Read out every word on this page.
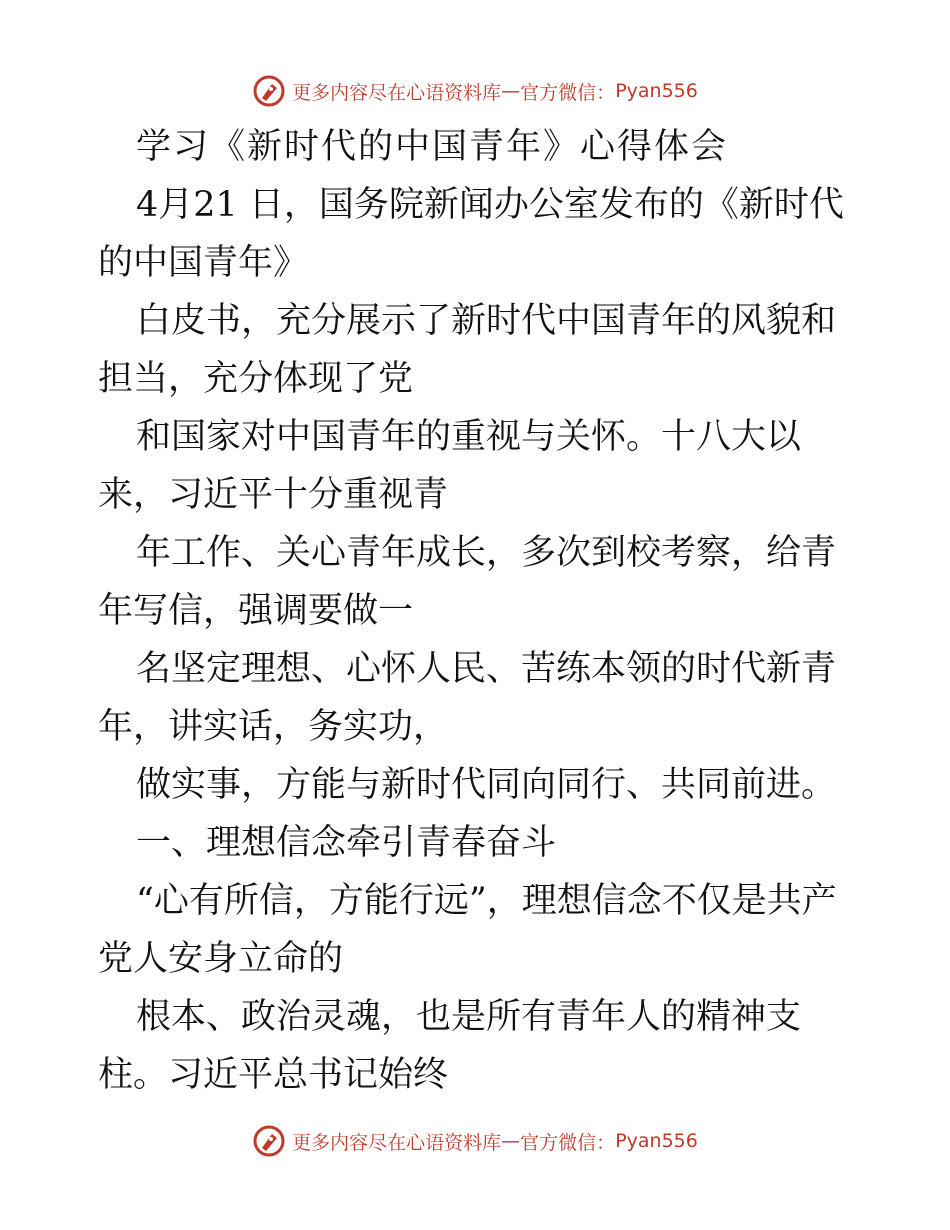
更多内容尽在心语资料库 — 官方微信： Pyan556

学习《新时代的中国青年》心得体会

4月21 日，国务院新闻办公室发布的《新时代的中国青年》

白皮书，充分展示了新时代中国青年的风貌和担当，充分体现了党

和国家对中国青年的重视与关怀。十八大以来，习近平十分重视青

年工作、关心青年成长，多次到校考察，给青年写信，强调要做一

名坚定理想、心怀人民、苦练本领的时代新青年，讲实话，务实功，

做实事，方能与新时代同向同行、共同前进。

一、理想信念牵引青春奋斗

“心有所信，方能行远”，理想信念不仅是共产党人安身立命的

根本、政治灵魂，也是所有青年人的精神支柱。习近平总书记始终

更多内容尽在心语资料库 — 官方微信： Pyan556
